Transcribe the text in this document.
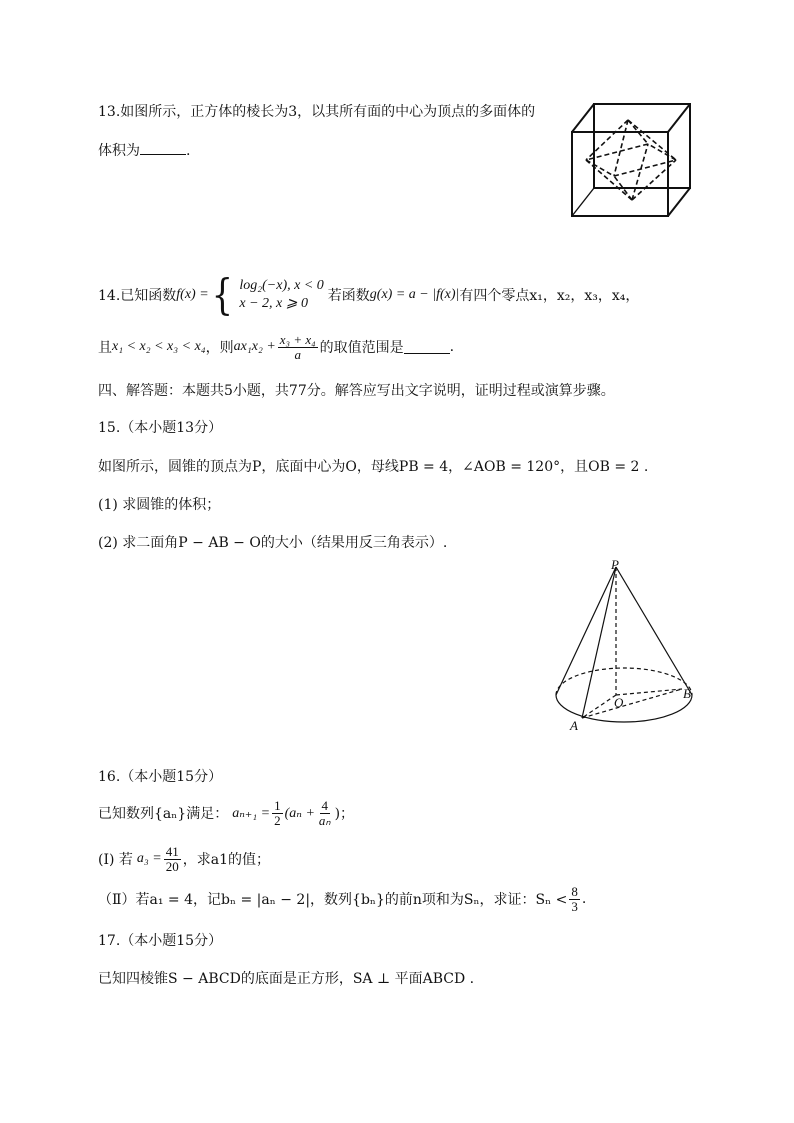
13.如图所示，正方体的棱长为3，以其所有面的中心为顶点的多面体的
体积为	.
14.已知函数 f(x) = { log₂(−x), x < 0
x − 2, x ⩾ 0	若函数 g(x) = a − |f(x)| 有四个零点x₁，x₂，x₃，x₄，
且 x₁ < x₂ < x₃ < x₄ ，则 $ax_1x_2 + \frac{\text{x₃ + x₄}}{a}$ 的取值范围是	.
四、解答题：本题共5小题，共77分。解答应写出文字说明，证明过程或演算步骤。
15.（本小题13分）
如图所示，圆锥的顶点为P，底面中心为O，母线PB = 4，∠AOB = 120°，且OB = 2 .
(1) 求圆锥的体积；
(2) 求二面角P − AB − O的大小（结果用反三角表示）.
P
O
B
A
16.（本小题15分）
已知数列{aₙ}满足： $a_{n+1} = \frac{1}{2} (a_n + \frac{4}{\text{aₙ}}$ )；
(I) 若 $a_3 = \frac{41}{20}$ ，求a1的值；
（Ⅱ）若a₁ = 4，记bₙ = |aₙ − 2|，数列{bₙ}的前n项和为Sₙ，求证：$S_n < \frac{8}{3}$ .
17.（本小题15分）
已知四棱锥S − ABCD的底面是正方形，SA ⊥ 平面ABCD .
